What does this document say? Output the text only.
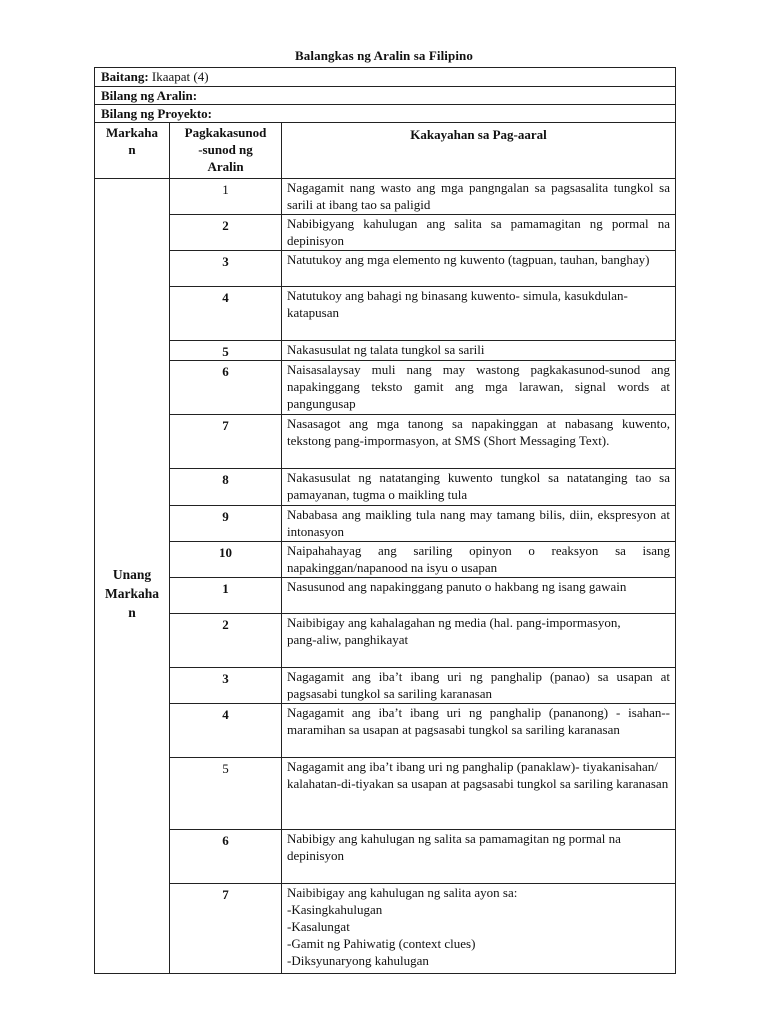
Balangkas ng Aralin sa Filipino
Baitang: Ikaapat (4)		
Bilang ng Aralin:		
Bilang ng Proyekto:		
Markaha
n	Pagkakasunod
-sunod ng
Aralin	Kakayahan sa Pag-aaral
Unang
Markaha
n	1	Nagagamit nang wasto ang mga pangngalan sa pagsasalita tungkol sa sarili at ibang tao sa paligid
	2	Nabibigyang kahulugan ang salita sa pamamagitan ng pormal na depinisyon
	3	Natutukoy ang mga elemento ng kuwento (tagpuan, tauhan, banghay)
	4	Natutukoy ang bahagi ng binasang kuwento- simula, kasukdulan-
katapusan
	5	Nakasusulat ng talata tungkol sa sarili
	6	Naisasalaysay muli nang may wastong pagkakasunod-sunod ang napakinggang teksto gamit ang mga larawan, signal words at pangungusap
	7	Nasasagot ang mga tanong sa napakinggan at nabasang kuwento, tekstong pang-impormasyon, at SMS (Short Messaging Text).
	8	Nakasusulat ng natatanging kuwento tungkol sa natatanging tao sa pamayanan, tugma o maikling tula
	9	Nababasa ang maikling tula nang may tamang bilis, diin, ekspresyon at intonasyon
	10	Naipahahayag ang sariling opinyon o reaksyon sa isang napakinggan/napanood na isyu o usapan
	1	Nasusunod ang napakinggang panuto o hakbang ng isang gawain
	2	Naibibigay ang kahalagahan ng media (hal. pang-impormasyon,
pang-aliw, panghikayat
	3	Nagagamit ang iba’t ibang uri ng panghalip (panao) sa usapan at pagsasabi tungkol sa sariling karanasan
	4	Nagagamit ang iba’t ibang uri ng panghalip (pananong) - isahan-- maramihan sa usapan at pagsasabi tungkol sa sariling karanasan
	5	Nagagamit ang iba’t ibang uri ng panghalip (panaklaw)- tiyakanisahan/
kalahatan-di-tiyakan sa usapan at pagsasabi tungkol sa sariling karanasan
	6	Nabibigy ang kahulugan ng salita sa pamamagitan ng pormal na
depinisyon
	7	Naibibigay ang kahulugan ng salita ayon sa:
-Kasingkahulugan
-Kasalungat
-Gamit ng Pahiwatig (context clues)
-Diksyunaryong kahulugan
